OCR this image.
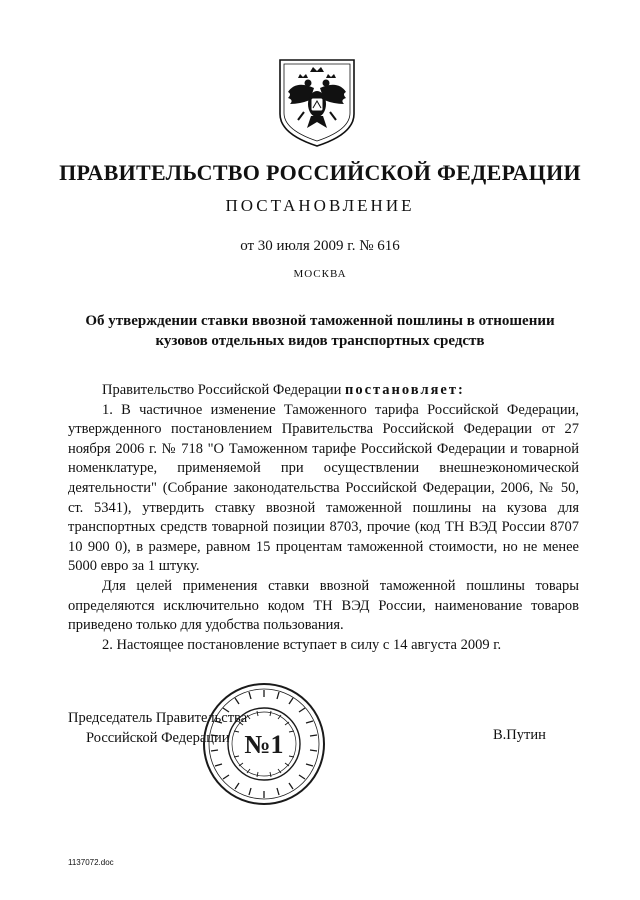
ПРАВИТЕЛЬСТВО РОССИЙСКОЙ ФЕДЕРАЦИИ
ПОСТАНОВЛЕНИЕ
от 30 июля 2009 г. № 616
МОСКВА
Об утверждении ставки ввозной таможенной пошлины в отношении
кузовов отдельных видов транспортных средств

Правительство Российской Федерации постановляет:

1. В частичное изменение Таможенного тарифа Российской Федерации, утвержденного постановлением Правительства Российской Федерации от 27 ноября 2006 г. № 718 "О Таможенном тарифе Российской Федерации и товарной номенклатуре, применяемой при осуществлении внешнеэкономической деятельности" (Собрание законодательства Российской Федерации, 2006, № 50, ст. 5341), утвердить ставку ввозной таможенной пошлины на кузова для транспортных средств товарной позиции 8703, прочие (код ТН ВЭД России 8707 10 900 0), в размере, равном 15 процентам таможенной стоимости, но не менее 5000 евро за 1 штуку.

Для целей применения ставки ввозной таможенной пошлины товары определяются исключительно кодом ТН ВЭД России, наименование товаров приведено только для удобства пользования.

2. Настоящее постановление вступает в силу с 14 августа 2009 г.

Председатель Правительства
Российской Федерации №1	В.Путин
1137072.doc
